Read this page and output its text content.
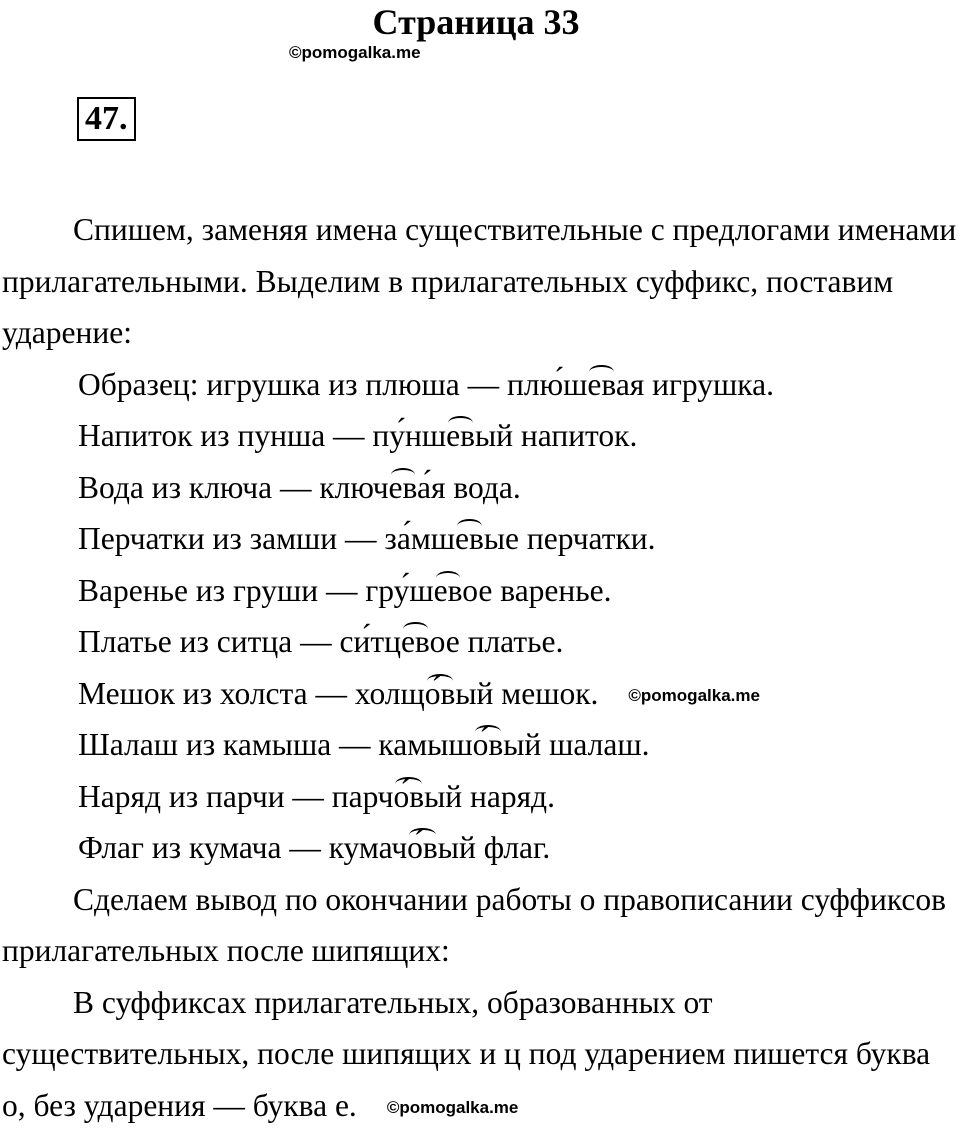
Страница 33
©pomogalka.me
47.

Спишем, заменяя имена существительные с предлогами именами прилагательными. Выделим в прилагательных суффикс, поставим ударение:

Образец: игрушка из плюша — плю́шевая игрушка.

Напиток из пунша — пу́ншевый напиток.

Вода из ключа — ключева́я вода.

Перчатки из замши — за́мшевые перчатки.

Варенье из груши — гру́шевое варенье.

Платье из ситца — си́тцевое платье.

Мешок из холста — холщо́вый мешок. ©pomogalka.me

Шалаш из камыша — камышо́вый шалаш.

Наряд из парчи — парчо́вый наряд.

Флаг из кумача — кумачо́вый флаг.

Сделаем вывод по окончании работы о правописании суффиксов прилагательных после шипящих:

В суффиксах прилагательных, образованных от существительных, после шипящих и ц под ударением пишется буква о, без ударения — буква е. ©pomogalka.me
